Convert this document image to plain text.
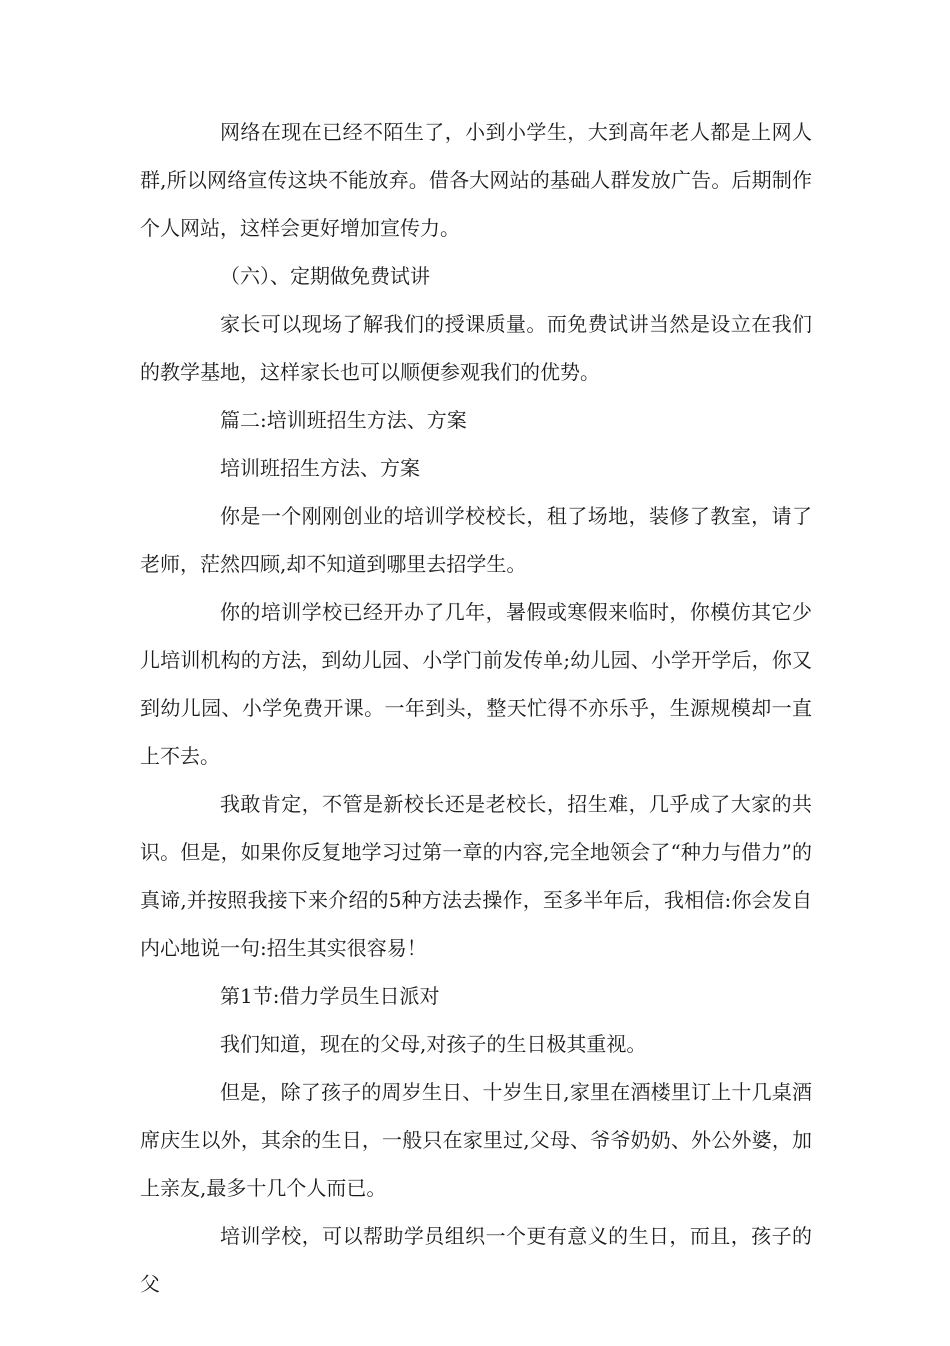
网络在现在已经不陌生了，小到小学生，大到高年老人都是上网人群,所以网络宣传这块不能放弃。借各大网站的基础人群发放广告。后期制作个人网站，这样会更好增加宣传力。

（六）、定期做免费试讲

家长可以现场了解我们的授课质量。而免费试讲当然是设立在我们的教学基地，这样家长也可以顺便参观我们的优势。

篇二:培训班招生方法、方案

培训班招生方法、方案

你是一个刚刚创业的培训学校校长，租了场地，装修了教室，请了老师，茫然四顾,却不知道到哪里去招学生。

你的培训学校已经开办了几年，暑假或寒假来临时，你模仿其它少儿培训机构的方法，到幼儿园、小学门前发传单;幼儿园、小学开学后，你又到幼儿园、小学免费开课。一年到头，整天忙得不亦乐乎，生源规模却一直上不去。

我敢肯定，不管是新校长还是老校长，招生难，几乎成了大家的共识。但是，如果你反复地学习过第一章的内容,完全地领会了“种力与借力”的真谛,并按照我接下来介绍的5种方法去操作，至多半年后，我相信:你会发自内心地说一句:招生其实很容易！

第1节:借力学员生日派对

我们知道，现在的父母,对孩子的生日极其重视。

但是，除了孩子的周岁生日、十岁生日,家里在酒楼里订上十几桌酒席庆生以外，其余的生日，一般只在家里过,父母、爷爷奶奶、外公外婆，加上亲友,最多十几个人而已。

培训学校，可以帮助学员组织一个更有意义的生日，而且，孩子的父
